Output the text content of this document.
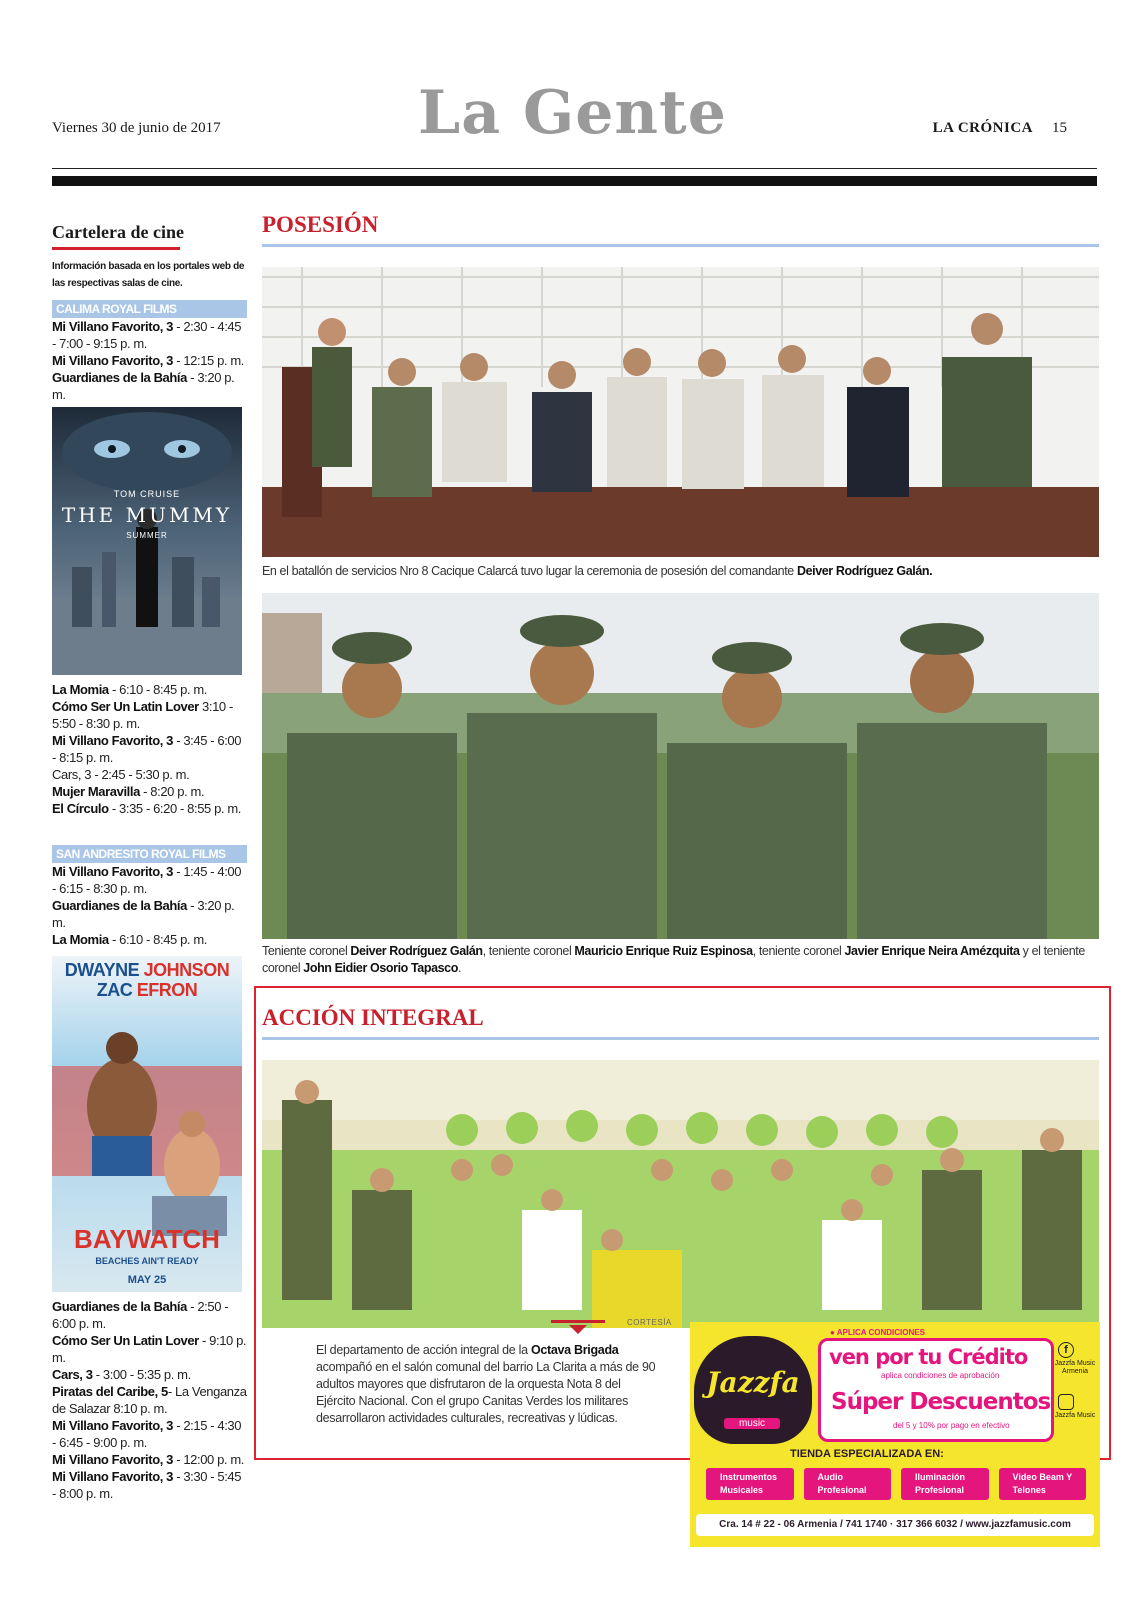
Viernes 30 de junio de 2017	La Gente	LA CRÓNICA 15
Cartelera de cine
Información basada en los portales web de las respectivas salas de cine.
CALIMA ROYAL FILMS
Mi Villano Favorito, 3 - 2:30 - 4:45 - 7:00 - 9:15 p. m.
Mi Villano Favorito, 3 - 12:15 p. m.
Guardianes de la Bahía - 3:20 p. m.
TOM CRUISE
THE MUMMY
SUMMER
La Momia - 6:10 - 8:45 p. m.
Cómo Ser Un Latin Lover 3:10 - 5:50 - 8:30 p. m.
Mi Villano Favorito, 3 - 3:45 - 6:00 - 8:15 p. m.
Cars, 3 - 2:45 - 5:30 p. m.
Mujer Maravilla - 8:20 p. m.
El Círculo - 3:35 - 6:20 - 8:55 p. m.
SAN ANDRESITO ROYAL FILMS
Mi Villano Favorito, 3 - 1:45 - 4:00 - 6:15 - 8:30 p. m.
Guardianes de la Bahía - 3:20 p. m.
La Momia - 6:10 - 8:45 p. m.
DWAYNE JOHNSON
ZAC EFRON
BAYWATCH
BEACHES AIN'T READY
MAY 25
Guardianes de la Bahía - 2:50 - 6:00 p. m.
Cómo Ser Un Latin Lover - 9:10 p. m.
Cars, 3 - 3:00 - 5:35 p. m.
Piratas del Caribe, 5- La Venganza de Salazar 8:10 p. m.
Mi Villano Favorito, 3 - 2:15 - 4:30 - 6:45 - 9:00 p. m.
Mi Villano Favorito, 3 - 12:00 p. m.
Mi Villano Favorito, 3 - 3:30 - 5:45 - 8:00 p. m.
POSESIÓN
En el batallón de servicios Nro 8 Cacique Calarcá tuvo lugar la ceremonia de posesión del comandante Deiver Rodríguez Galán.
Teniente coronel Deiver Rodríguez Galán, teniente coronel Mauricio Enrique Ruiz Espinosa, teniente coronel Javier Enrique Neira Amézquita y el teniente coronel John Eidier Osorio Tapasco.
ACCIÓN INTEGRAL
CORTESÍA
El departamento de acción integral de la Octava Brigada acompañó en el salón comunal del barrio La Clarita a más de 90 adultos mayores que disfrutaron de la orquesta Nota 8 del Ejército Nacional. Con el grupo Canitas Verdes los militares desarrollaron actividades culturales, recreativas y lúdicas.
● APLICA CONDICIONES
Jazzfa
music
ven por tu Crédito
aplica condiciones de aprobación
Súper Descuentos
del 5 y 10% por pago en efectivo
f
Jazzfa Music Armenia
Jazzfa Music
TIENDA ESPECIALIZADA EN:
Instrumentos Musicales
Audio Profesional
Iluminación Profesional
Video Beam Y Telones
Cra. 14 # 22 - 06 Armenia / 741 1740 · 317 366 6032 / www.jazzfamusic.com
